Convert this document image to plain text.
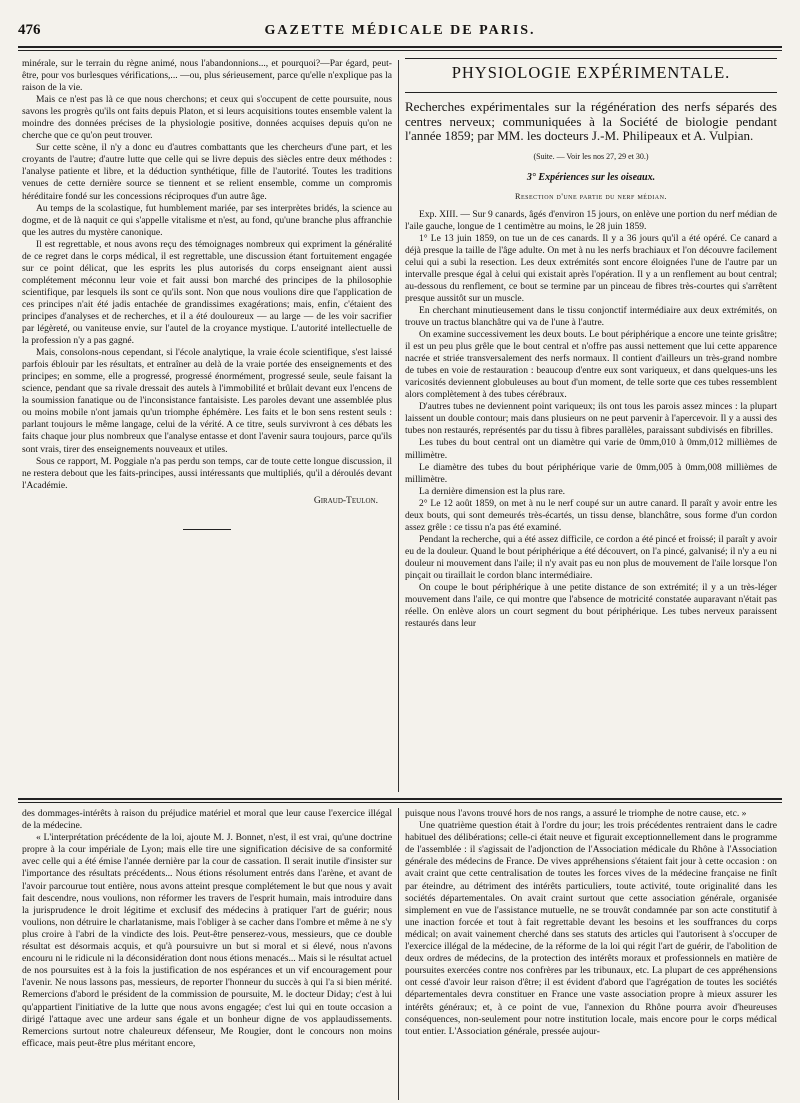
476	GAZETTE MÉDICALE DE PARIS.

minérale, sur le terrain du règne animé, nous l'abandonnions..., et pourquoi?—Par égard, peut-être, pour vos burlesques vérifications,... —ou, plus sérieusement, parce qu'elle n'explique pas la raison de la vie.

Mais ce n'est pas là ce que nous cherchons; et ceux qui s'occupent de cette poursuite, nous savons les progrès qu'ils ont faits depuis Platon, et si leurs acquisitions toutes ensemble valent la moindre des données précises de la physiologie positive, données acquises depuis qu'on ne cherche que ce qu'on peut trouver.

Sur cette scène, il n'y a donc eu d'autres combattants que les chercheurs d'une part, et les croyants de l'autre; d'autre lutte que celle qui se livre depuis des siècles entre deux méthodes : l'analyse patiente et libre, et la déduction synthétique, fille de l'autorité. Toutes les traditions venues de cette dernière source se tiennent et se relient ensemble, comme un compromis héréditaire fondé sur les concessions réciproques d'un autre âge.

Au temps de la scolastique, fut humblement mariée, par ses interprètes bridés, la science au dogme, et de là naquit ce qui s'appelle vitalisme et n'est, au fond, qu'une branche plus affranchie que les autres du mystère canonique.

Il est regrettable, et nous avons reçu des témoignages nombreux qui expriment la généralité de ce regret dans le corps médical, il est regrettable, une discussion étant fortuitement engagée sur ce point délicat, que les esprits les plus autorisés du corps enseignant aient aussi complétement méconnu leur voie et fait aussi bon marché des principes de la philosophie scientifique, par lesquels ils sont ce qu'ils sont. Non que nous voulions dire que l'application de ces principes n'ait été jadis entachée de grandissimes exagérations; mais, enfin, c'étaient des principes d'analyses et de recherches, et il a été douloureux — au large — de les voir sacrifier par légèreté, ou vaniteuse envie, sur l'autel de la croyance mystique. L'autorité intellectuelle de la profession n'y a pas gagné.

Mais, consolons-nous cependant, si l'école analytique, la vraie école scientifique, s'est laissé parfois éblouir par les résultats, et entraîner au delà de la vraie portée des enseignements et des principes; en somme, elle a progressé, progressé énormément, progressé seule, seule faisant la science, pendant que sa rivale dressait des autels à l'immobilité et brûlait devant eux l'encens de la soumission fanatique ou de l'inconsistance fantaisiste. Les paroles devant une assemblée plus ou moins mobile n'ont jamais qu'un triomphe éphémère. Les faits et le bon sens restent seuls : parlant toujours le même langage, celui de la vérité. A ce titre, seuls survivront à ces débats les faits chaque jour plus nombreux que l'analyse entasse et dont l'avenir saura toujours, parce qu'ils sont vrais, tirer des enseignements nouveaux et utiles.

Sous ce rapport, M. Poggiale n'a pas perdu son temps, car de toute cette longue discussion, il ne restera debout que les faits-principes, aussi intéressants que multipliés, qu'il a déroulés devant l'Académie.

Giraud-Teulon.

PHYSIOLOGIE EXPÉRIMENTALE.
Recherches expérimentales sur la régénération des nerfs séparés des centres nerveux; communiquées à la Société de biologie pendant l'année 1859; par MM. les docteurs J.-M. Philipeaux et A. Vulpian.
(Suite. — Voir les nos 27, 29 et 30.)
3° Expériences sur les oiseaux.
Resection d'une partie du nerf médian.

Exp. XIII. — Sur 9 canards, âgés d'environ 15 jours, on enlève une portion du nerf médian de l'aile gauche, longue de 1 centimètre au moins, le 28 juin 1859.

1° Le 13 juin 1859, on tue un de ces canards. Il y a 36 jours qu'il a été opéré. Ce canard a déjà presque la taille de l'âge adulte. On met à nu les nerfs brachiaux et l'on découvre facilement celui qui a subi la resection. Les deux extrémités sont encore éloignées l'une de l'autre par un intervalle presque égal à celui qui existait après l'opération. Il y a un renflement au bout central; au-dessous du renflement, ce bout se termine par un pinceau de fibres très-courtes qui s'arrêtent presque aussitôt sur un muscle.

En cherchant minutieusement dans le tissu conjonctif intermédiaire aux deux extrémités, on trouve un tractus blanchâtre qui va de l'une à l'autre.

On examine successivement les deux bouts. Le bout périphérique a encore une teinte grisâtre; il est un peu plus grêle que le bout central et n'offre pas aussi nettement que lui cette apparence nacrée et striée transversalement des nerfs normaux. Il contient d'ailleurs un très-grand nombre de tubes en voie de restauration : beaucoup d'entre eux sont variqueux, et dans quelques-uns les varicosités deviennent globuleuses au bout d'un moment, de telle sorte que ces tubes ressemblent alors complètement à des tubes cérébraux.

D'autres tubes ne deviennent point variqueux; ils ont tous les parois assez minces : la plupart laissent un double contour; mais dans plusieurs on ne peut parvenir à l'apercevoir. Il y a aussi des tubes non restaurés, représentés par du tissu à fibres parallèles, paraissant subdivisés en fibrilles.

Les tubes du bout central ont un diamètre qui varie de 0mm,010 à 0mm,012 millièmes de millimètre.

Le diamètre des tubes du bout périphérique varie de 0mm,005 à 0mm,008 millièmes de millimètre.

La dernière dimension est la plus rare.

2° Le 12 août 1859, on met à nu le nerf coupé sur un autre canard. Il paraît y avoir entre les deux bouts, qui sont demeurés très-écartés, un tissu dense, blanchâtre, sous forme d'un cordon assez grêle : ce tissu n'a pas été examiné.

Pendant la recherche, qui a été assez difficile, ce cordon a été pincé et froissé; il paraît y avoir eu de la douleur. Quand le bout périphérique a été découvert, on l'a pincé, galvanisé; il n'y a eu ni douleur ni mouvement dans l'aile; il n'y avait pas eu non plus de mouvement de l'aile lorsque l'on pinçait ou tiraillait le cordon blanc intermédiaire.

On coupe le bout périphérique à une petite distance de son extrémité; il y a un très-léger mouvement dans l'aile, ce qui montre que l'absence de motricité constatée auparavant n'était pas réelle. On enlève alors un court segment du bout périphérique. Les tubes nerveux paraissent restaurés dans leur

des dommages-intérêts à raison du préjudice matériel et moral que leur cause l'exercice illégal de la médecine.

« L'interprétation précédente de la loi, ajoute M. J. Bonnet, n'est, il est vrai, qu'une doctrine propre à la cour impériale de Lyon; mais elle tire une signification décisive de sa conformité avec celle qui a été émise l'année dernière par la cour de cassation. Il serait inutile d'insister sur l'importance des résultats précédents... Nous étions résolument entrés dans l'arène, et avant de l'avoir parcourue tout entière, nous avons atteint presque complétement le but que nous y avait fait descendre, nous voulions, non réformer les travers de l'esprit humain, mais introduire dans la jurisprudence le droit légitime et exclusif des médecins à pratiquer l'art de guérir; nous voulions, non détruire le charlatanisme, mais l'obliger à se cacher dans l'ombre et même à ne s'y plus croire à l'abri de la vindicte des lois. Peut-être penserez-vous, messieurs, que ce double résultat est désormais acquis, et qu'à poursuivre un but si moral et si élevé, nous n'avons encouru ni le ridicule ni la déconsidération dont nous étions menacés... Mais si le résultat actuel de nos poursuites est à la fois la justification de nos espérances et un vif encouragement pour l'avenir. Ne nous lassons pas, messieurs, de reporter l'honneur du succès à qui l'a si bien mérité. Remercions d'abord le président de la commission de poursuite, M. le docteur Diday; c'est à lui qu'appartient l'initiative de la lutte que nous avons engagée; c'est lui qui en toute occasion a dirigé l'attaque avec une ardeur sans égale et un bonheur digne de vos applaudissements. Remercions surtout notre chaleureux défenseur, Me Rougier, dont le concours non moins efficace, mais peut-être plus méritant encore,

puisque nous l'avons trouvé hors de nos rangs, a assuré le triomphe de notre cause, etc. »

Une quatrième question était à l'ordre du jour; les trois précédentes rentraient dans le cadre habituel des délibérations; celle-ci était neuve et figurait exceptionnellement dans le programme de l'assemblée : il s'agissait de l'adjonction de l'Association médicale du Rhône à l'Association générale des médecins de France. De vives appréhensions s'étaient fait jour à cette occasion : on avait craint que cette centralisation de toutes les forces vives de la médecine française ne finît par éteindre, au détriment des intérêts particuliers, toute activité, toute originalité dans les sociétés départementales. On avait craint surtout que cette association générale, organisée simplement en vue de l'assistance mutuelle, ne se trouvât condamnée par son acte constitutif à une inaction forcée et tout à fait regrettable devant les besoins et les souffrances du corps médical; on avait vainement cherché dans ses statuts des articles qui l'autorisent à s'occuper de l'exercice illégal de la médecine, de la réforme de la loi qui régit l'art de guérir, de l'abolition de deux ordres de médecins, de la protection des intérêts moraux et professionnels en matière de poursuites exercées contre nos confrères par les tribunaux, etc. La plupart de ces appréhensions ont cessé d'avoir leur raison d'être; il est évident d'abord que l'agrégation de toutes les sociétés départementales devra constituer en France une vaste association propre à mieux assurer les intérêts généraux; et, à ce point de vue, l'annexion du Rhône pourra avoir d'heureuses conséquences, non-seulement pour notre institution locale, mais encore pour le corps médical tout entier. L'Association générale, pressée aujour-
